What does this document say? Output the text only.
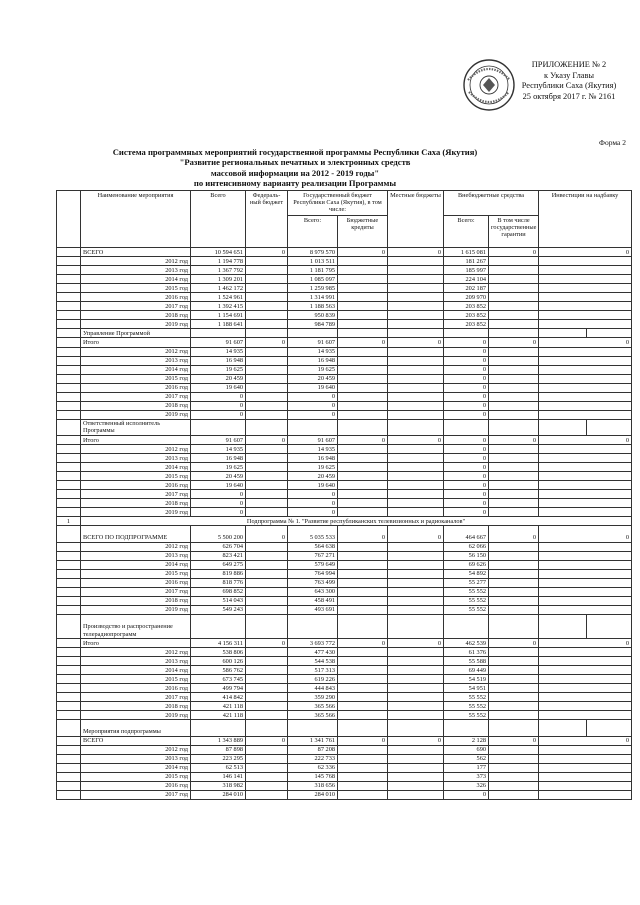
ПРИЛОЖЕНИЕ № 2
к Указу Главы
Республики Саха (Якутия)
25 октября 2017 г. № 2161
Форма 2
Система программных мероприятий государственной программы Республики Саха (Якутия)
"Развитие региональных печатных и электронных средств
массовой информации на 2012 - 2019 годы"
по интенсивному варианту реализации Программы
	Наименование мероприятия	Всего	Федераль-ный бюджет	Государственный бюджет Республики Саха (Якутия), в том числе:		Местные бюджеты	Внебюджетные средства		Инвестиции на надбавку	
				Всего:	Бюджетные кредиты		Всего:	В том числе государственные гарантии		
	ВСЕГО	10 594 651	0	8 979 570	0	0	1 615 081	0	0	
	2012 год	1 194 778		1 013 511			181 267			
	2013 год	1 367 792		1 181 795			185 997			
	2014 год	1 309 201		1 085 097			224 104			
	2015 год	1 462 172		1 259 985			202 187			
	2016 год	1 524 961		1 314 991			209 970			
	2017 год	1 392 415		1 188 563			203 852			
	2018 год	1 154 691		950 839			203 852			
	2019 год	1 188 641		984 789			203 852			
	Управление Программой									
	Итого	91 607	0	91 607	0	0	0	0	0	
	2012 год	14 935		14 935			0			
	2013 год	16 948		16 948			0			
	2014 год	19 625		19 625			0			
	2015 год	20 459		20 459			0			
	2016 год	19 640		19 640			0			
	2017 год	0		0			0			
	2018 год	0		0			0			
	2019 год	0		0			0			
	Ответственный исполнитель Программы									
	Итого	91 607	0	91 607	0	0	0	0	0	
	2012 год	14 935		14 935			0			
	2013 год	16 948		16 948			0			
	2014 год	19 625		19 625			0			
	2015 год	20 459		20 459			0			
	2016 год	19 640		19 640			0			
	2017 год	0		0			0			
	2018 год	0		0			0			
	2019 год	0		0			0			
1	Подпрограмма № 1. "Развитие республиканских телевизионных и радиоканалов"									
	ВСЕГО ПО ПОДПРОГРАММЕ	5 500 200	0	5 035 533	0	0	464 667	0	0	
	2012 год	626 704		564 638			62 066			
	2013 год	823 421		767 271			56 150			
	2014 год	649 275		579 649			69 626			
	2015 год	819 886		764 994			54 892			
	2016 год	818 776		763 499			55 277			
	2017 год	698 852		643 300			55 552			
	2018 год	514 043		458 491			55 552			
	2019 год	549 243		493 691			55 552			
	Производство и распространение телерадиопрограмм									
	Итого	4 156 311	0	3 693 772	0	0	462 539	0	0	
	2012 год	538 806		477 430			61 376			
	2013 год	600 126		544 538			55 588			
	2014 год	586 762		517 313			69 449			
	2015 год	673 745		619 226			54 519			
	2016 год	499 794		444 843			54 951			
	2017 год	414 842		359 290			55 552			
	2018 год	421 118		365 566			55 552			
	2019 год	421 118		365 566			55 552			
	Мероприятия подпрограммы									
	ВСЕГО	1 343 889	0	1 341 761	0	0	2 128	0	0	
	2012 год	87 898		87 208			690			
	2013 год	223 295		222 733			562			
	2014 год	62 513		62 336			177			
	2015 год	146 141		145 768			373			
	2016 год	318 982		318 656			326			
	2017 год	284 010		284 010			0			
